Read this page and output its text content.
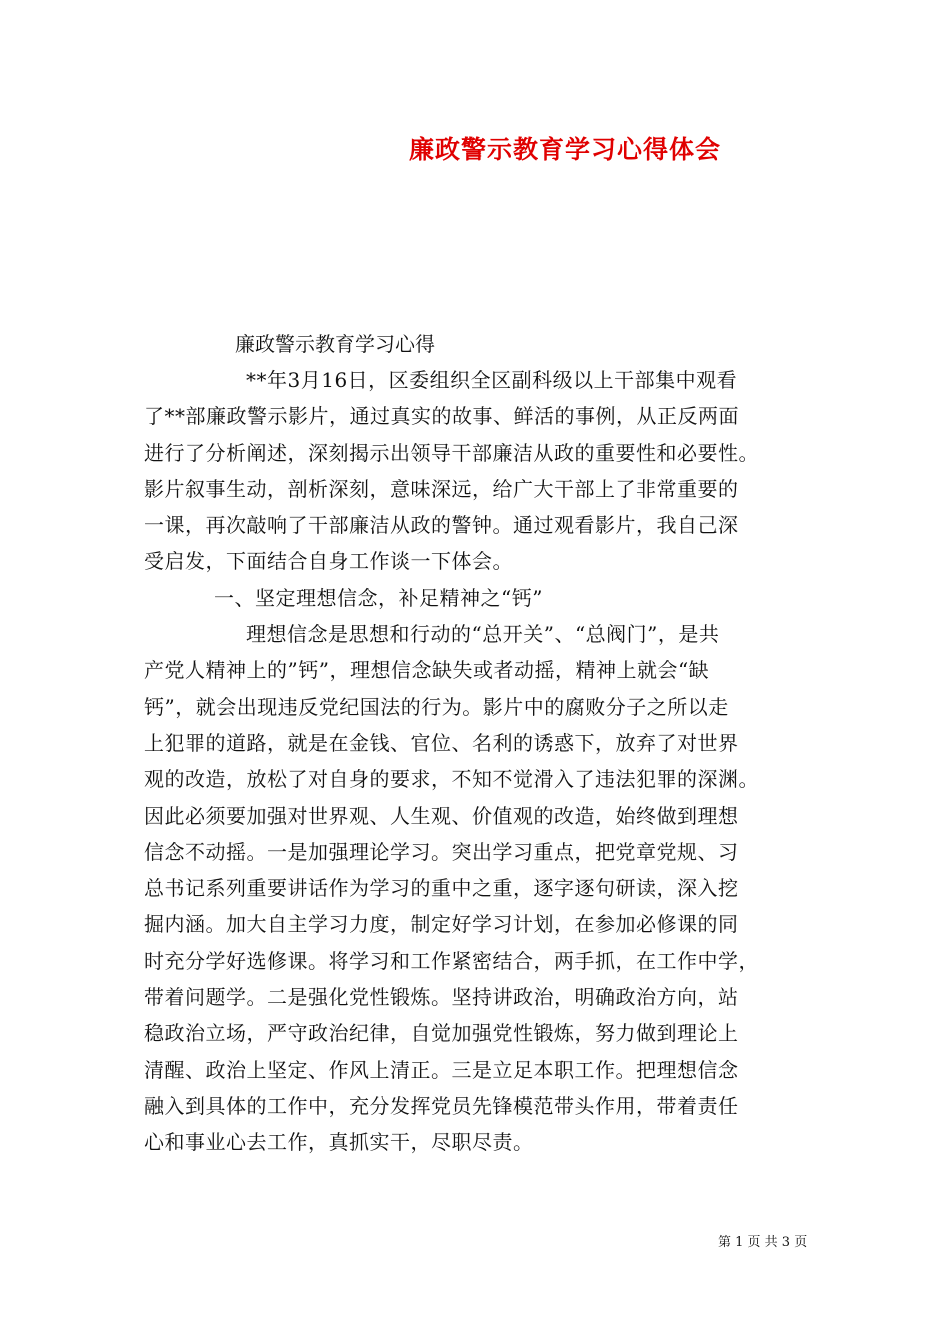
廉政警示教育学习心得体会
廉政警示教育学习心得
**年3月16日，区委组织全区副科级以上干部集中观看
了**部廉政警示影片，通过真实的故事、鲜活的事例，从正反两面
进行了分析阐述，深刻揭示出领导干部廉洁从政的重要性和必要性。
影片叙事生动，剖析深刻，意味深远，给广大干部上了非常重要的
一课，再次敲响了干部廉洁从政的警钟。通过观看影片，我自己深
受启发，下面结合自身工作谈一下体会。
一、坚定理想信念，补足精神之“钙”
理想信念是思想和行动的“总开关”、“总阀门”，是共
产党人精神上的”钙”，理想信念缺失或者动摇，精神上就会“缺
钙”，就会出现违反党纪国法的行为。影片中的腐败分子之所以走
上犯罪的道路，就是在金钱、官位、名利的诱惑下，放弃了对世界
观的改造，放松了对自身的要求，不知不觉滑入了违法犯罪的深渊。
因此必须要加强对世界观、人生观、价值观的改造，始终做到理想
信念不动摇。一是加强理论学习。突出学习重点，把党章党规、习
总书记系列重要讲话作为学习的重中之重，逐字逐句研读，深入挖
掘内涵。加大自主学习力度，制定好学习计划，在参加必修课的同
时充分学好选修课。将学习和工作紧密结合，两手抓，在工作中学，
带着问题学。二是强化党性锻炼。坚持讲政治，明确政治方向，站
稳政治立场，严守政治纪律，自觉加强党性锻炼，努力做到理论上
清醒、政治上坚定、作风上清正。三是立足本职工作。把理想信念
融入到具体的工作中，充分发挥党员先锋模范带头作用，带着责任
心和事业心去工作，真抓实干，尽职尽责。
第 1 页 共 3 页
